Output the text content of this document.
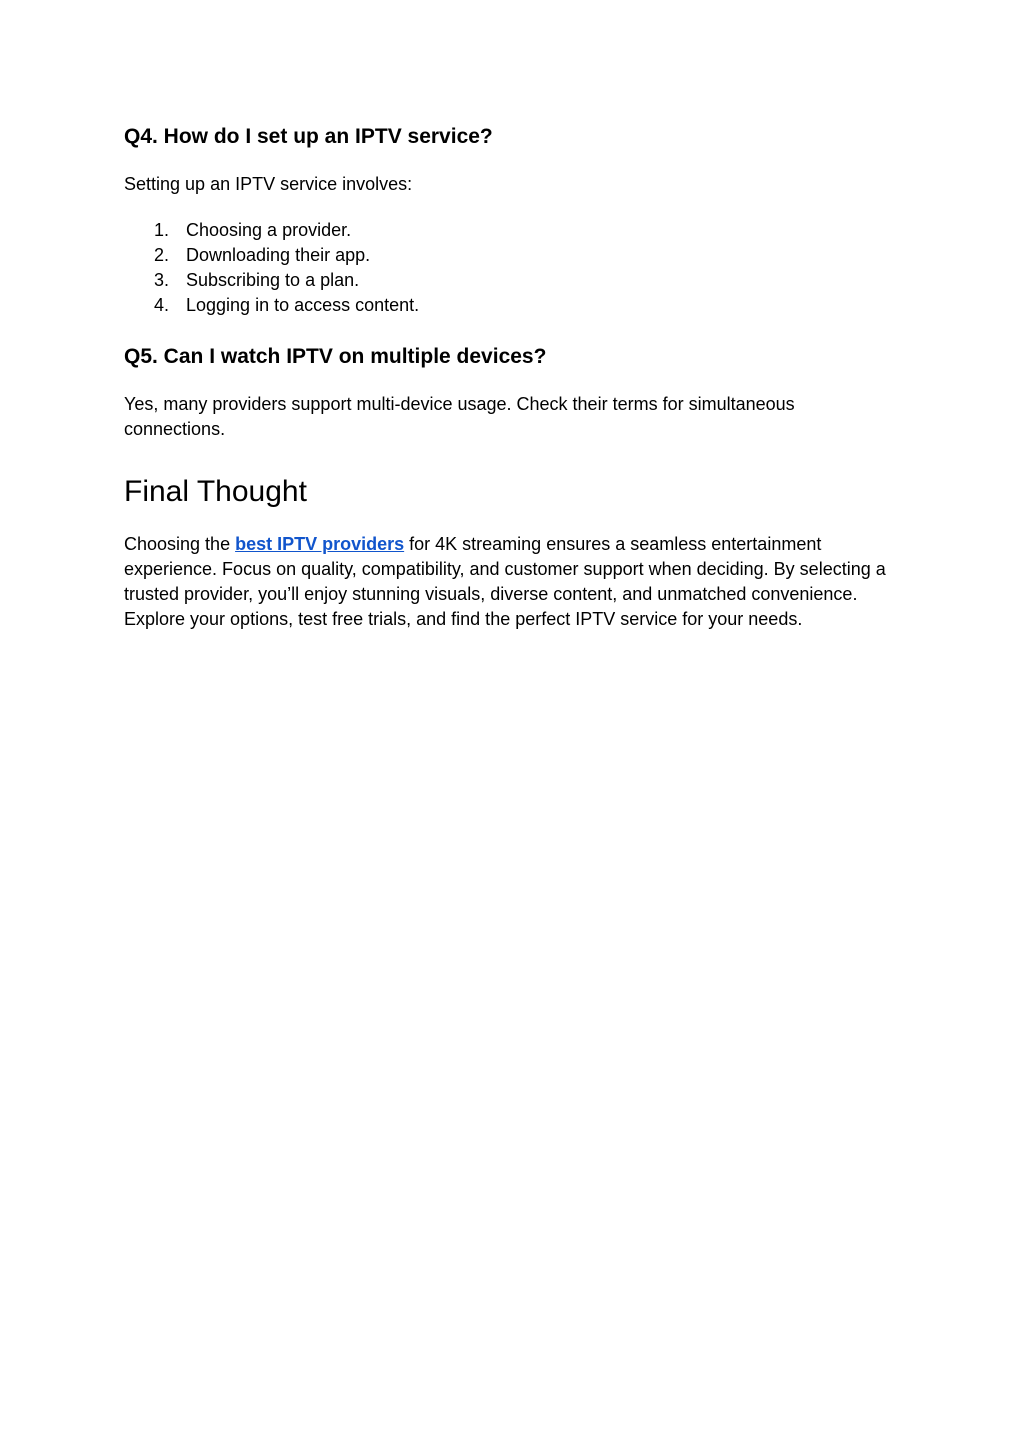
Q4. How do I set up an IPTV service?

Setting up an IPTV service involves:

1. Choosing a provider.
2. Downloading their app.
3. Subscribing to a plan.
4. Logging in to access content.
Q5. Can I watch IPTV on multiple devices?

Yes, many providers support multi-device usage. Check their terms for simultaneous connections.

Final Thought

Choosing the best IPTV providers for 4K streaming ensures a seamless entertainment experience. Focus on quality, compatibility, and customer support when deciding. By selecting a trusted provider, you’ll enjoy stunning visuals, diverse content, and unmatched convenience. Explore your options, test free trials, and find the perfect IPTV service for your needs.
